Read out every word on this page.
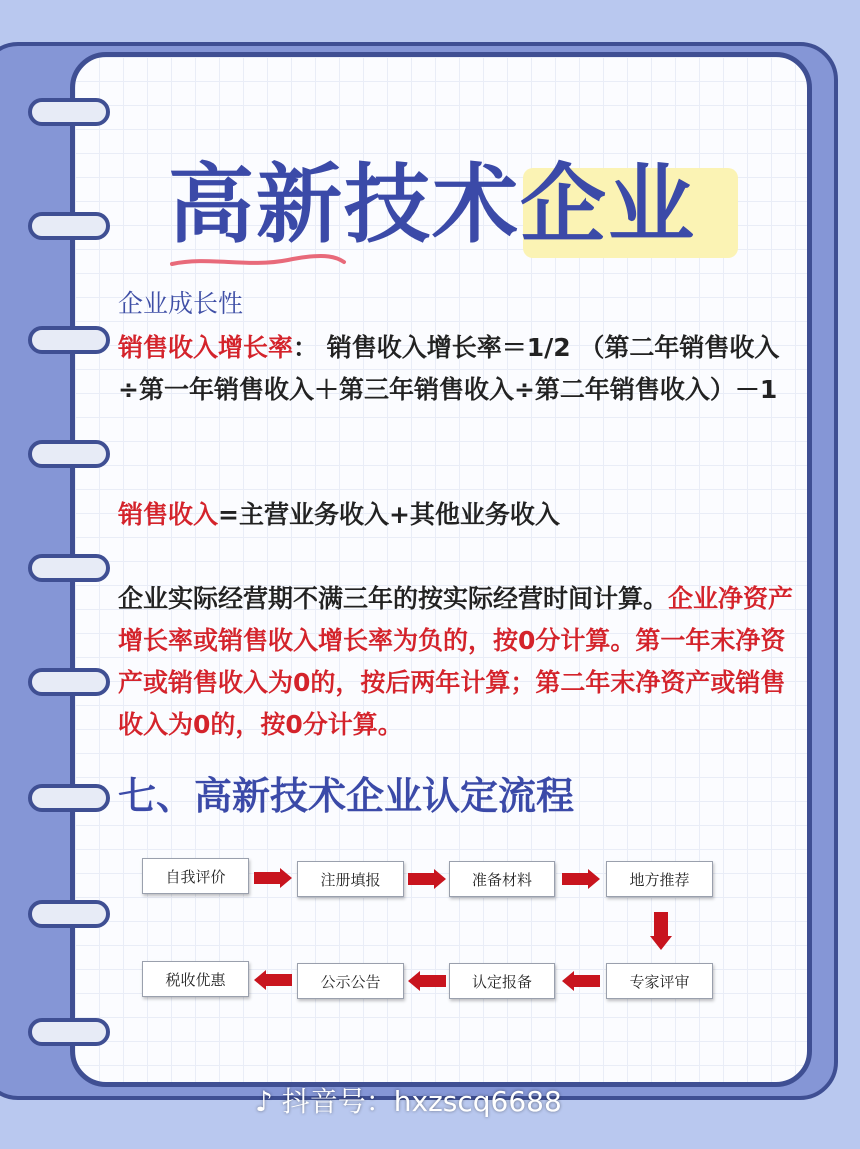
高新技术企业
企业成长性

销售收入增长率： 销售收入增长率＝1/2 （第二年销售收入÷第一年销售收入＋第三年销售收入÷第二年销售收入）－1

销售收入=主营业务收入+其他业务收入

企业实际经营期不满三年的按实际经营时间计算。企业净资产增长率或销售收入增长率为负的，按0分计算。第一年末净资产或销售收入为0的，按后两年计算；第二年末净资产或销售收入为0的，按0分计算。

七、高新技术企业认定流程
自我评价	注册填报	准备材料	地方推荐
税收优惠	公示公告	认定报备	专家评审
♪ 抖音号：hxzscq6688
